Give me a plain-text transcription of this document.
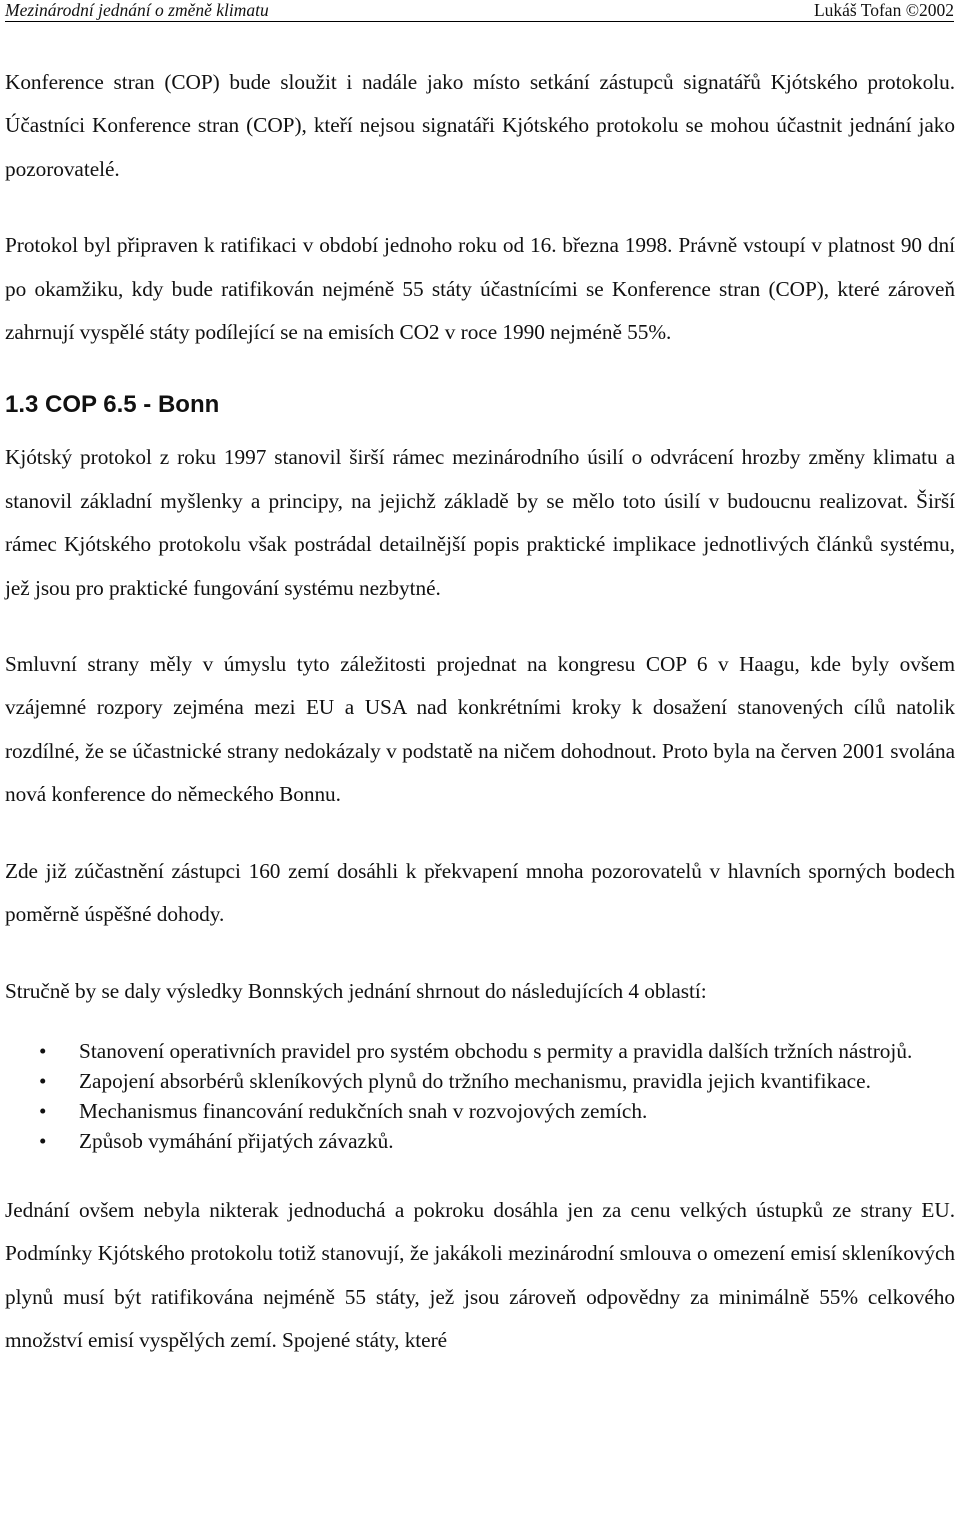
Mezinárodní jednání o změně klimatu	Lukáš Tofan ©2002

Konference stran (COP) bude sloužit i nadále jako místo setkání zástupců signatářů Kjótského protokolu. Účastníci Konference stran (COP), kteří nejsou signatáři Kjótského protokolu se mohou účastnit jednání jako pozorovatelé.

Protokol byl připraven k ratifikaci v období jednoho roku od 16. března 1998. Právně vstoupí v platnost 90 dní po okamžiku, kdy bude ratifikován nejméně 55 státy účastnícími se Konference stran (COP), které zároveň zahrnují vyspělé státy podílející se na emisích CO2 v roce 1990 nejméně 55%.

1.3 COP 6.5 - Bonn

Kjótský protokol z roku 1997 stanovil širší rámec mezinárodního úsilí o odvrácení hrozby změny klimatu a stanovil základní myšlenky a principy, na jejichž základě by se mělo toto úsilí v budoucnu realizovat. Širší rámec Kjótského protokolu však postrádal detailnější popis praktické implikace jednotlivých článků systému, jež jsou pro praktické fungování systému nezbytné.

Smluvní strany měly v úmyslu tyto záležitosti projednat na kongresu COP 6 v Haagu, kde byly ovšem vzájemné rozpory zejména mezi EU a USA nad konkrétními kroky k dosažení stanovených cílů natolik rozdílné, že se účastnické strany nedokázaly v podstatě na ničem dohodnout. Proto byla na červen 2001 svolána nová konference do německého Bonnu.

Zde již zúčastnění zástupci 160 zemí dosáhli k překvapení mnoha pozorovatelů v hlavních sporných bodech poměrně úspěšné dohody.

Stručně by se daly výsledky Bonnských jednání shrnout do následujících 4 oblastí:

• Stanovení operativních pravidel pro systém obchodu s permity a pravidla dalších tržních nástrojů.
• Zapojení absorbérů skleníkových plynů do tržního mechanismu, pravidla jejich kvantifikace.
• Mechanismus financování redukčních snah v rozvojových zemích.
• Způsob vymáhání přijatých závazků.

Jednání ovšem nebyla nikterak jednoduchá a pokroku dosáhla jen za cenu velkých ústupků ze strany EU. Podmínky Kjótského protokolu totiž stanovují, že jakákoli mezinárodní smlouva o omezení emisí skleníkových plynů musí být ratifikována nejméně 55 státy, jež jsou zároveň odpovědny za minimálně 55% celkového množství emisí vyspělých zemí. Spojené státy, které
